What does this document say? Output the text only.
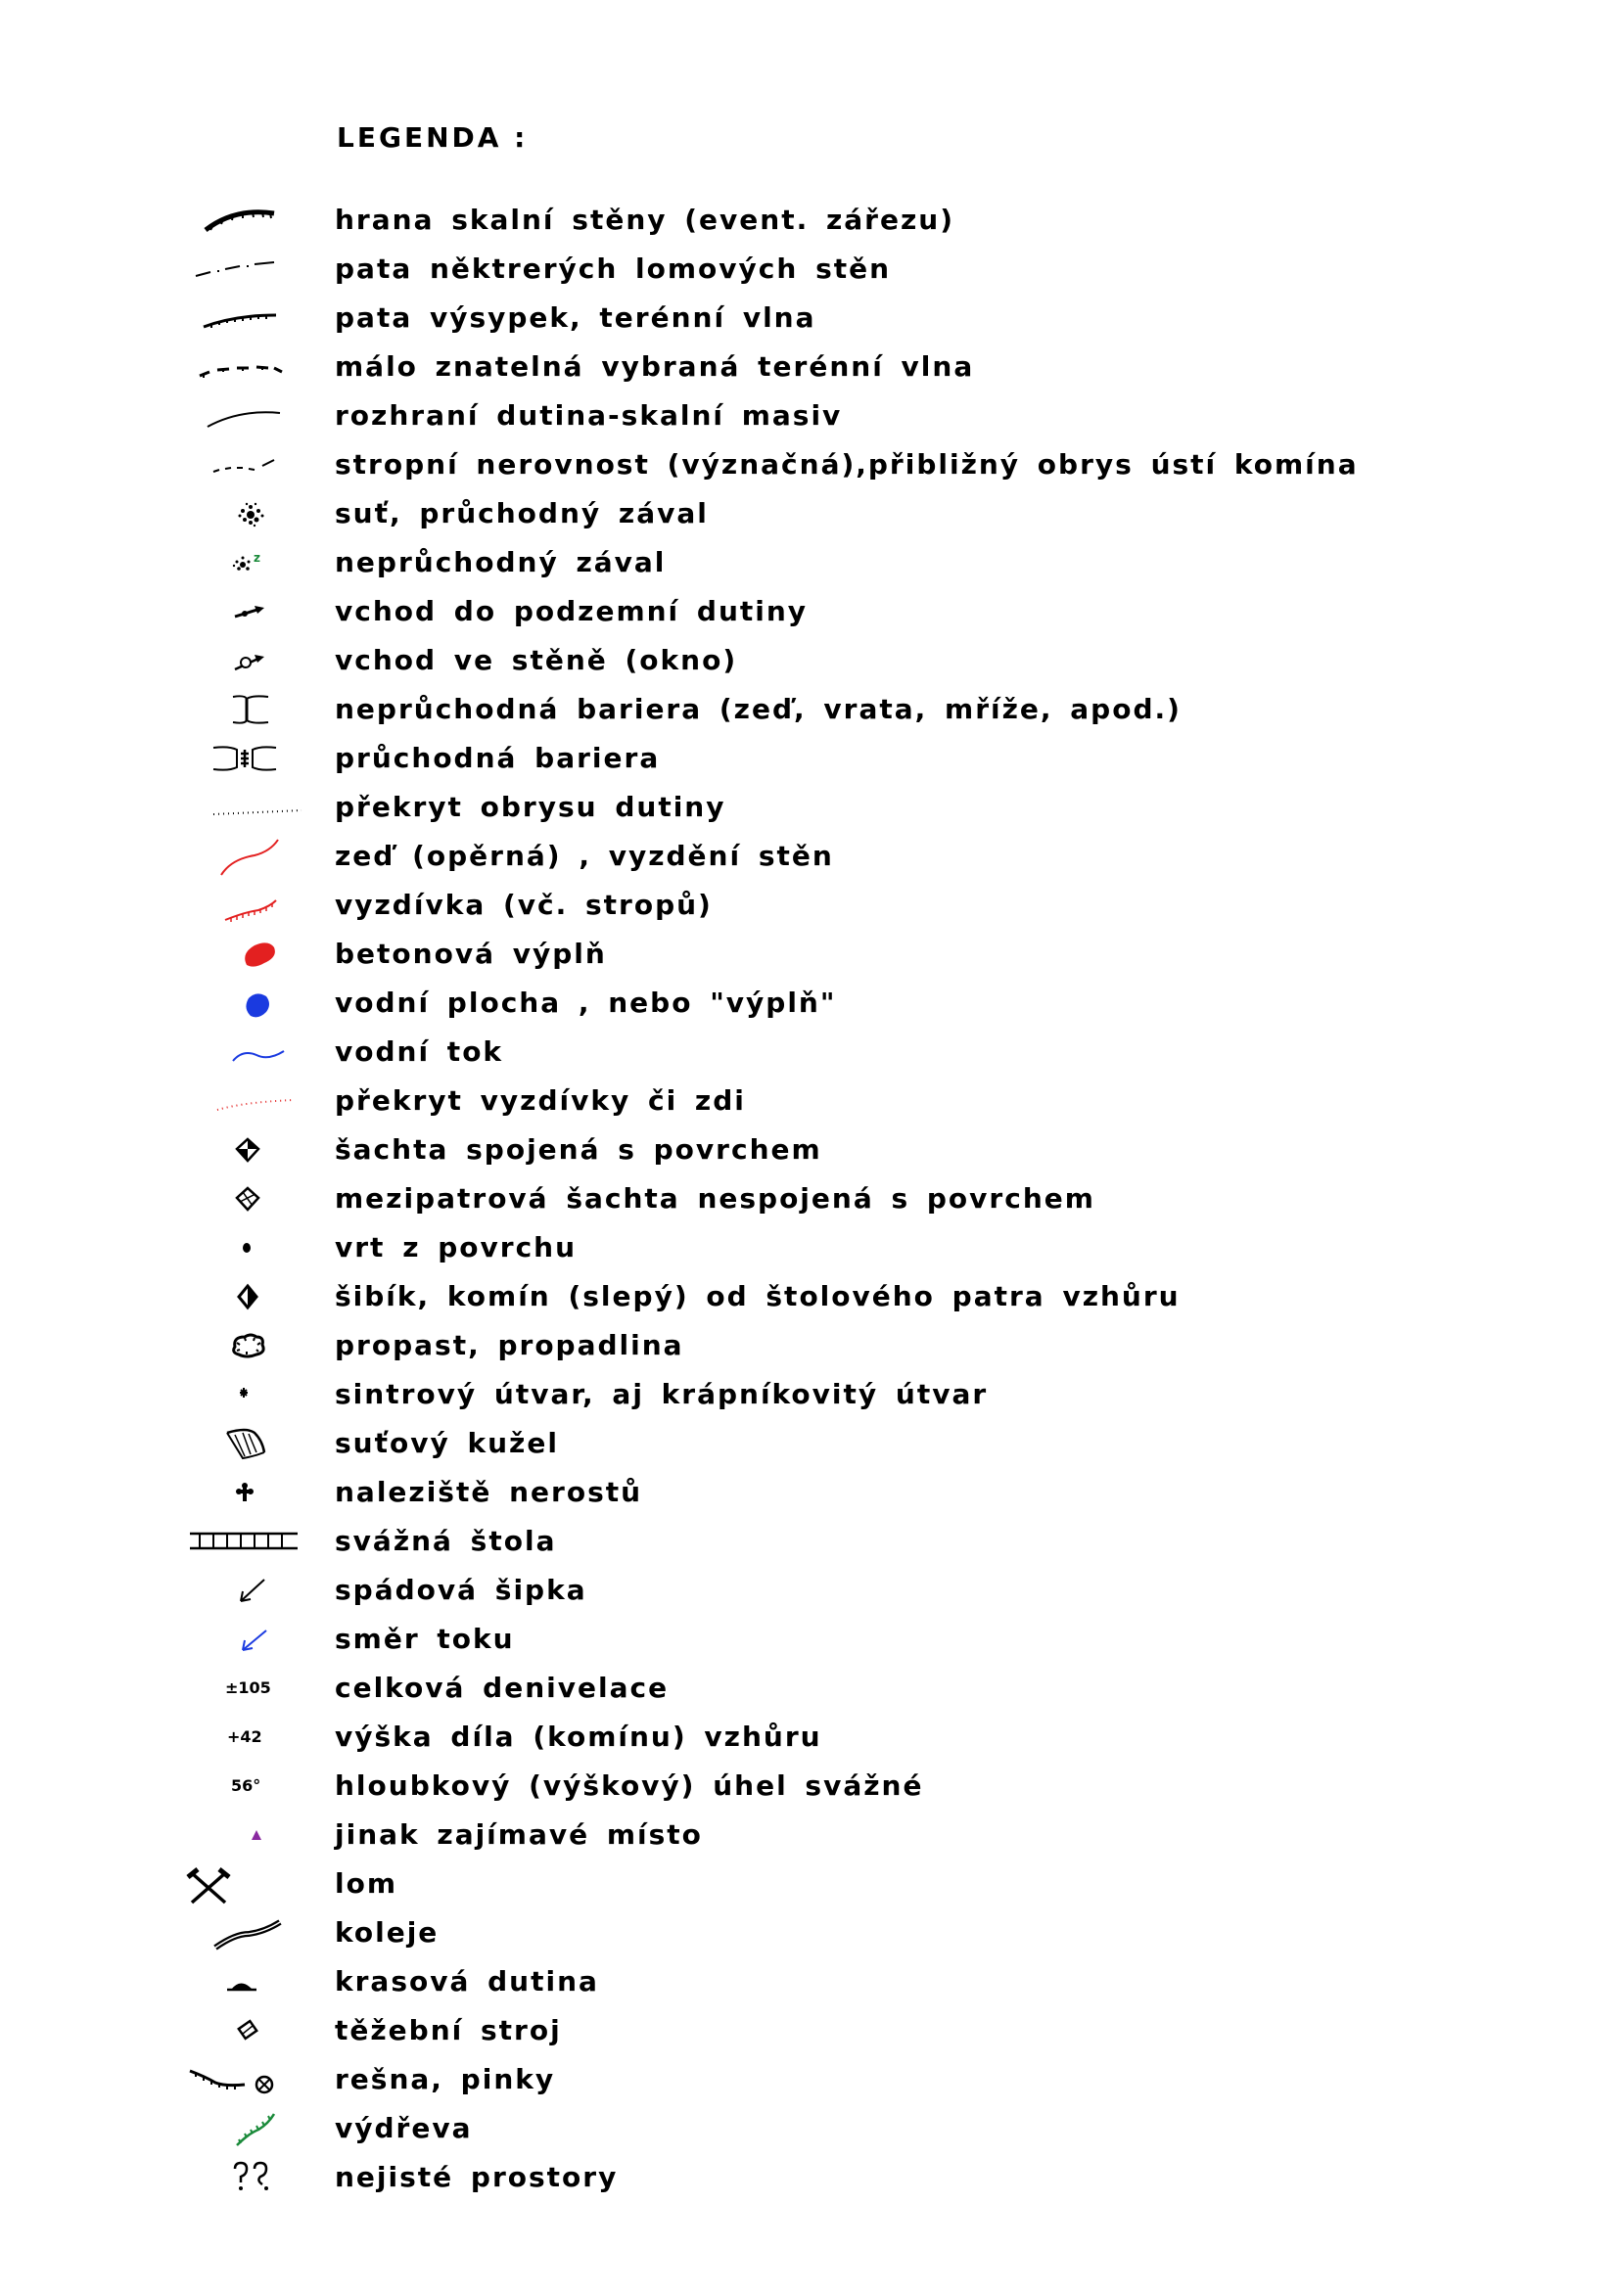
LEGENDA :
hrana skalní stěny (event. zářezu)
pata něktrerých lomových stěn
pata výsypek, terénní vlna
málo znatelná vybraná terénní vlna
rozhraní dutina-skalní masiv
stropní nerovnost (význačná),přibližný obrys ústí komína
suť, průchodný zával
z	neprůchodný zával
vchod do podzemní dutiny
vchod ve stěně (okno)
neprůchodná bariera (zeď, vrata, mříže, apod.)
průchodná bariera
překryt obrysu dutiny
zeď (opěrná) , vyzdění stěn
vyzdívka (vč. stropů)
betonová výplň
vodní plocha , nebo "výplň"
vodní tok
překryt vyzdívky či zdi
šachta spojená s povrchem
mezipatrová šachta nespojená s povrchem
vrt z povrchu
šibík, komín (slepý) od štolového patra vzhůru
propast, propadlina
sintrový útvar, aj krápníkovitý útvar
suťový kužel
naleziště nerostů
svážná štola
spádová šipka
směr toku
±105 celková denivelace
+42	výška díla (komínu) vzhůru
56°	hloubkový (výškový) úhel svážné
jinak zajímavé místo
lom
koleje
krasová dutina
těžební stroj
rešna, pinky
výdřeva
nejisté prostory
